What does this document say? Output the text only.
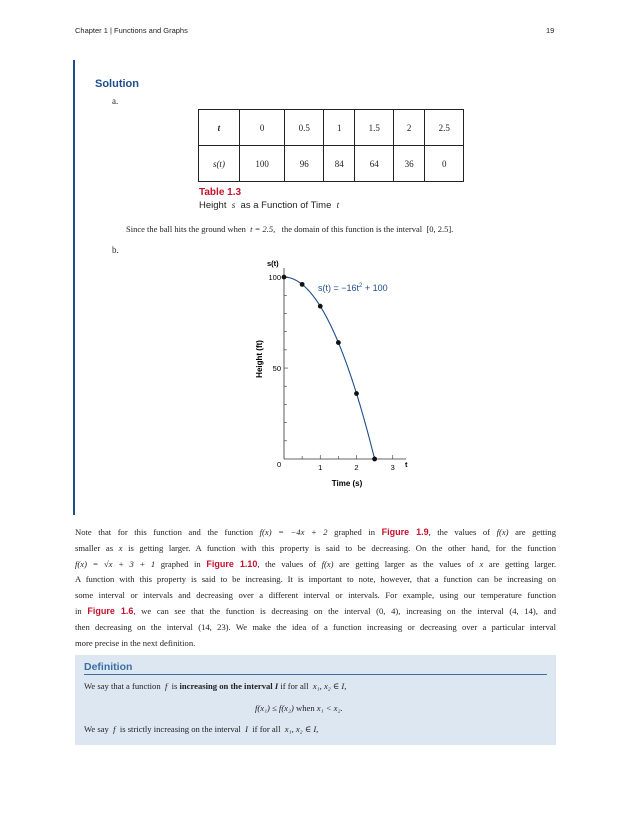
Chapter 1 | Functions and Graphs	19
Solution
a.
t	0	0.5	1	1.5	2	2.5
s(t)	100	96	84	64	36	0
Table 1.3
Height s as a Function of Time t
Since the ball hits the ground when t = 2.5, the domain of this function is the interval [0, 2.5].
b.
s(t)
t
0	1	2	3
50
100
Time (s)
Height (ft)
$s(t) = -16t^2 + 100$
Note that for this function and the function f(x) = −4x + 2 graphed in Figure 1.9, the values of f(x) are getting
smaller as x is getting larger. A function with this property is said to be decreasing. On the other hand, for the function
f(x) = √x + 3 + 1 graphed in Figure 1.10, the values of f(x) are getting larger as the values of x are getting larger.
A function with this property is said to be increasing. It is important to note, however, that a function can be increasing on
some interval or intervals and decreasing over a different interval or intervals. For example, using our temperature function
in Figure 1.6, we can see that the function is decreasing on the interval (0, 4), increasing on the interval (4, 14), and
then decreasing on the interval (14, 23). We make the idea of a function increasing or decreasing over a particular interval
more precise in the next definition.
Definition
We say that a function f is increasing on the interval I if for all x₁, x₂ ∈ I,
f(x₁) ≤ f(x₂) when x₁ < x₂.
We say f is strictly increasing on the interval I if for all x₁, x₂ ∈ I,
